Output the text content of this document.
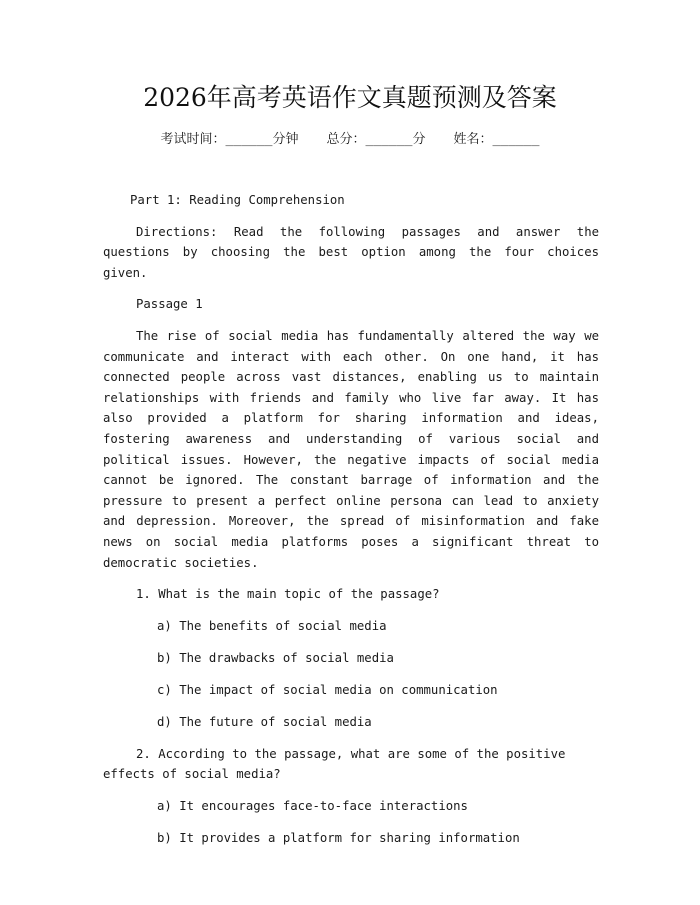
2026年高考英语作文真题预测及答案
考试时间：______分钟 总分：______分 姓名：______

Part 1: Reading Comprehension

Directions: Read the following passages and answer the questions by choosing the best option among the four choices given.

Passage 1

The rise of social media has fundamentally altered the way we communicate and interact with each other. On one hand, it has connected people across vast distances, enabling us to maintain relationships with friends and family who live far away. It has also provided a platform for sharing information and ideas, fostering awareness and understanding of various social and political issues. However, the negative impacts of social media cannot be ignored. The constant barrage of information and the pressure to present a perfect online persona can lead to anxiety and depression. Moreover, the spread of misinformation and fake news on social media platforms poses a significant threat to democratic societies.

1. What is the main topic of the passage?

a) The benefits of social media

b) The drawbacks of social media

c) The impact of social media on communication

d) The future of social media

2. According to the passage, what are some of the positive effects of social media?

a) It encourages face-to-face interactions

b) It provides a platform for sharing information
